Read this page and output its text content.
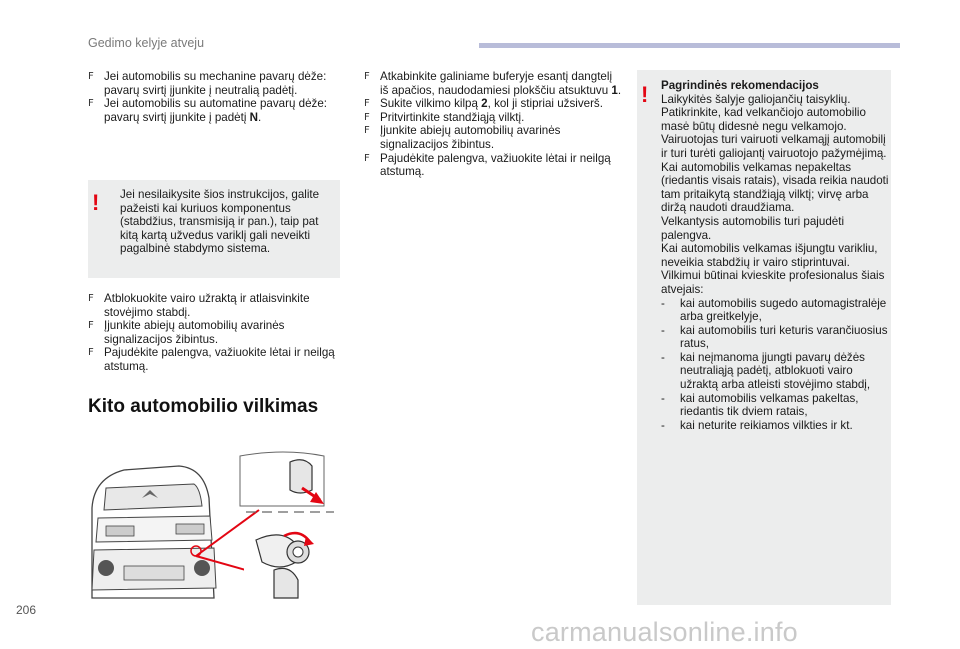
Gedimo kelyje atveju
F Jei automobilis su mechanine pavarų dėže: pavarų svirtį įjunkite į neutralią padėtį.
F Jei automobilis su automatine pavarų dėže: pavarų svirtį įjunkite į padėtį N.
! Jei nesilaikysite šios instrukcijos, galite pažeisti kai kuriuos komponentus (stabdžius, transmisiją ir pan.), taip pat kitą kartą užvedus variklį gali neveikti pagalbinė stabdymo sistema.
F Atblokuokite vairo užraktą ir atlaisvinkite stovėjimo stabdį.
F Įjunkite abiejų automobilių avarinės signalizacijos žibintus.
F Pajudėkite palengva, važiuokite lėtai ir neilgą atstumą.
Kito automobilio vilkimas
F Atkabinkite galiniame buferyje esantį dangtelį iš apačios, naudodamiesi plokščiu atsuktuvu 1.
F Sukite vilkimo kilpą 2, kol ji stipriai užsiverš.
F Pritvirtinkite standžiąją vilktį.
F Įjunkite abiejų automobilių avarinės signalizacijos žibintus.
F Pajudėkite palengva, važiuokite lėtai ir neilgą atstumą.
! Pagrindinės rekomendacijos
Laikykitės šalyje galiojančių taisyklių.
Patikrinkite, kad velkančiojo automobilio masė būtų didesnė negu velkamojo.
Vairuotojas turi vairuoti velkamąjį automobilį ir turi turėti galiojantį vairuotojo pažymėjimą.
Kai automobilis velkamas nepakeltas (riedantis visais ratais), visada reikia naudoti tam pritaikytą standžiąją vilktį; virvę arba diržą naudoti draudžiama.
Velkantysis automobilis turi pajudėti palengva.
Kai automobilis velkamas išjungtu varikliu, neveikia stabdžių ir vairo stiprintuvai.
Vilkimui būtinai kvieskite profesionalus šiais atvejais:
- kai automobilis sugedo automagistralėje arba greitkelyje,
- kai automobilis turi keturis varančiuosius ratus,
- kai neįmanoma įjungti pavarų dėžės neutraliąją padėtį, atblokuoti vairo užraktą arba atleisti stovėjimo stabdį,
- kai automobilis velkamas pakeltas, riedantis tik dviem ratais,
- kai neturite reikiamos vilkties ir kt.
206
carmanualsonline.info
